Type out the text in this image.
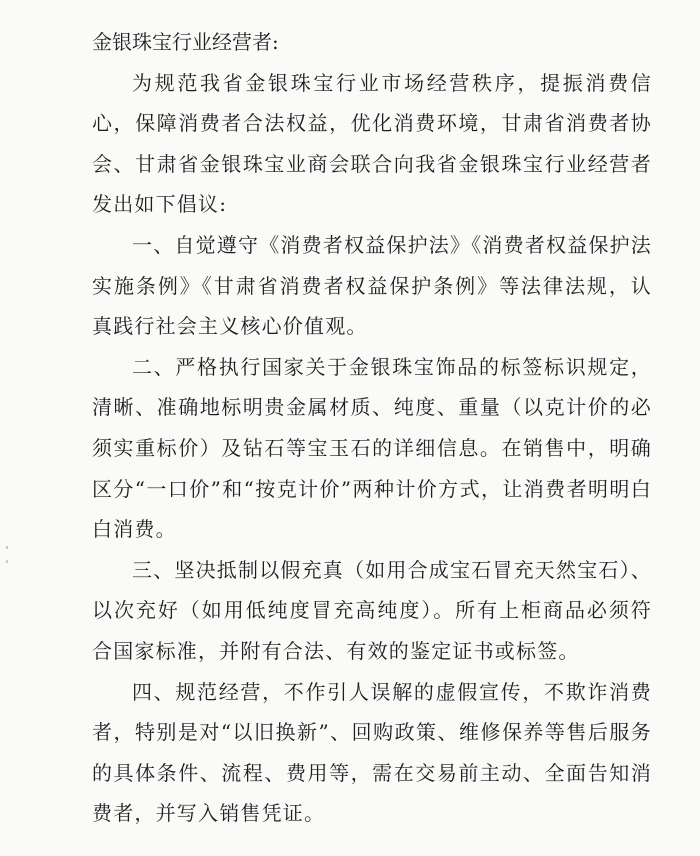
金银珠宝行业经营者:

为规范我省金银珠宝行业市场经营秩序，提振消费信心，保障消费者合法权益，优化消费环境，甘肃省消费者协会、甘肃省金银珠宝业商会联合向我省金银珠宝行业经营者发出如下倡议:

一、自觉遵守《消费者权益保护法》《消费者权益保护法实施条例》《甘肃省消费者权益保护条例》等法律法规，认真践行社会主义核心价值观。

二、严格执行国家关于金银珠宝饰品的标签标识规定，清晰、准确地标明贵金属材质、纯度、重量（以克计价的必须实重标价）及钻石等宝玉石的详细信息。在销售中，明确区分“一口价”和“按克计价”两种计价方式，让消费者明明白白消费。

三、坚决抵制以假充真（如用合成宝石冒充天然宝石）、以次充好（如用低纯度冒充高纯度）。所有上柜商品必须符合国家标准，并附有合法、有效的鉴定证书或标签。

四、规范经营，不作引人误解的虚假宣传，不欺诈消费者，特别是对“以旧换新”、回购政策、维修保养等售后服务的具体条件、流程、费用等，需在交易前主动、全面告知消费者，并写入销售凭证。
